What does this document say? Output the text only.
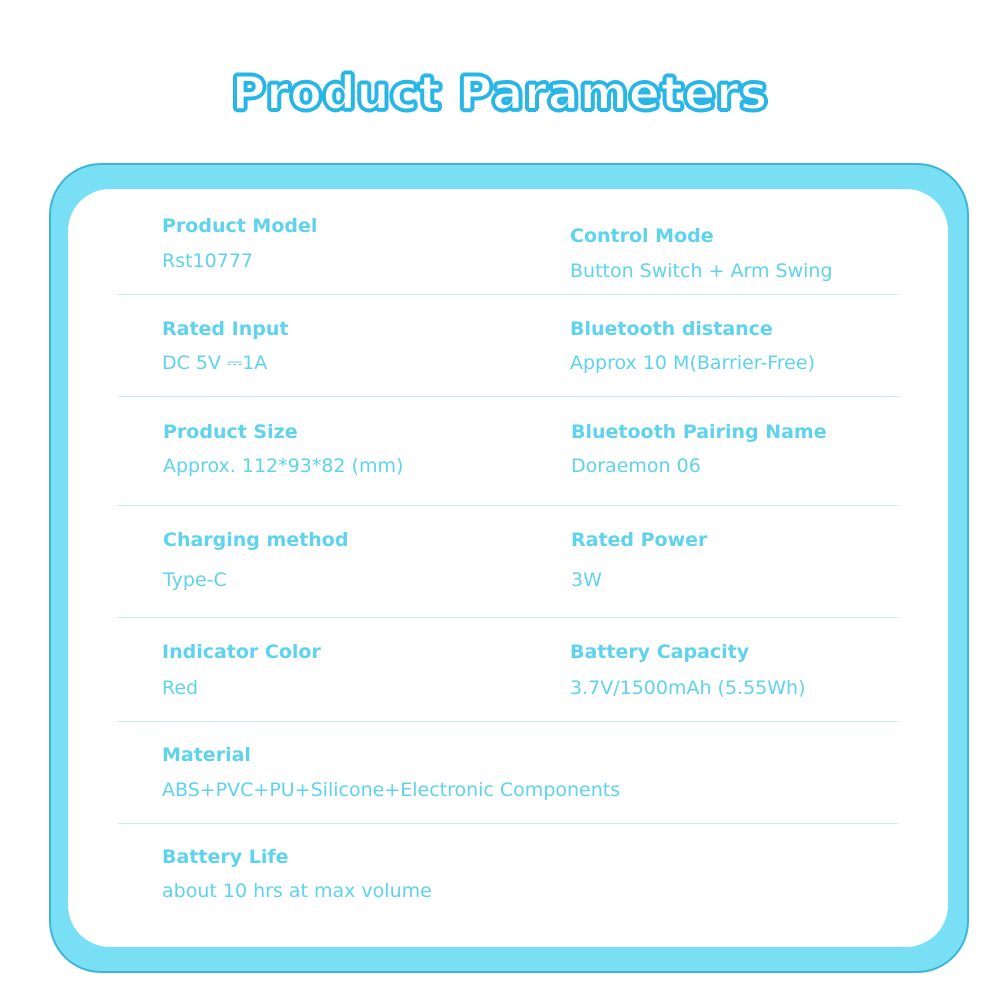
Product Parameters
Product Model
Rst10777
Control Mode
Button Switch + Arm Swing
Rated Input
DC 5V ⎓1A
Bluetooth distance
Approx 10 M(Barrier-Free)
Product Size
Approx. 112*93*82 (mm)
Bluetooth Pairing Name
Doraemon 06
Charging method
Type-C
Rated Power
3W
Indicator Color
Red
Battery Capacity
3.7V/1500mAh (5.55Wh)
Material
ABS+PVC+PU+Silicone+Electronic Components
Battery Life
about 10 hrs at max volume
